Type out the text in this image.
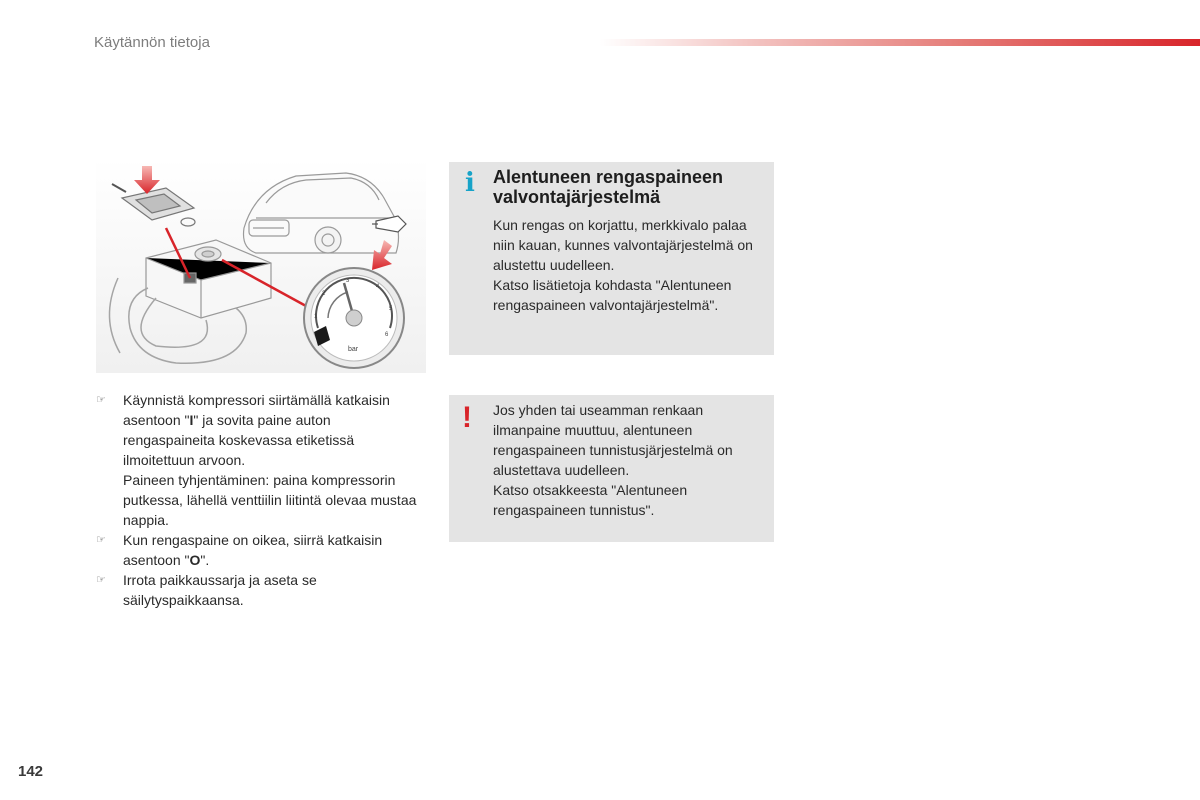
Käytännön tietoja
1
2
3
4
5
6
bar
☞ Käynnistä kompressori siirtämällä katkaisin asentoon "I" ja sovita paine auton rengaspaineita koskevassa etiketissä ilmoitettuun arvoon.
Paineen tyhjentäminen: paina kompressorin putkessa, lähellä venttiilin liitintä olevaa mustaa nappia.
☞ Kun rengaspaine on oikea, siirrä katkaisin asentoon "O".
☞ Irrota paikkaussarja ja aseta se säilytyspaikkaansa.
i Alentuneen rengaspaineen valvontajärjestelmä
Kun rengas on korjattu, merkkivalo palaa niin kauan, kunnes valvontajärjestelmä on alustettu uudelleen.
Katso lisätietoja kohdasta "Alentuneen rengaspaineen valvontajärjestelmä".
! Jos yhden tai useamman renkaan ilmanpaine muuttuu, alentuneen rengaspaineen tunnistusjärjestelmä on alustettava uudelleen.
Katso otsakkeesta "Alentuneen rengaspaineen tunnistus".
142
